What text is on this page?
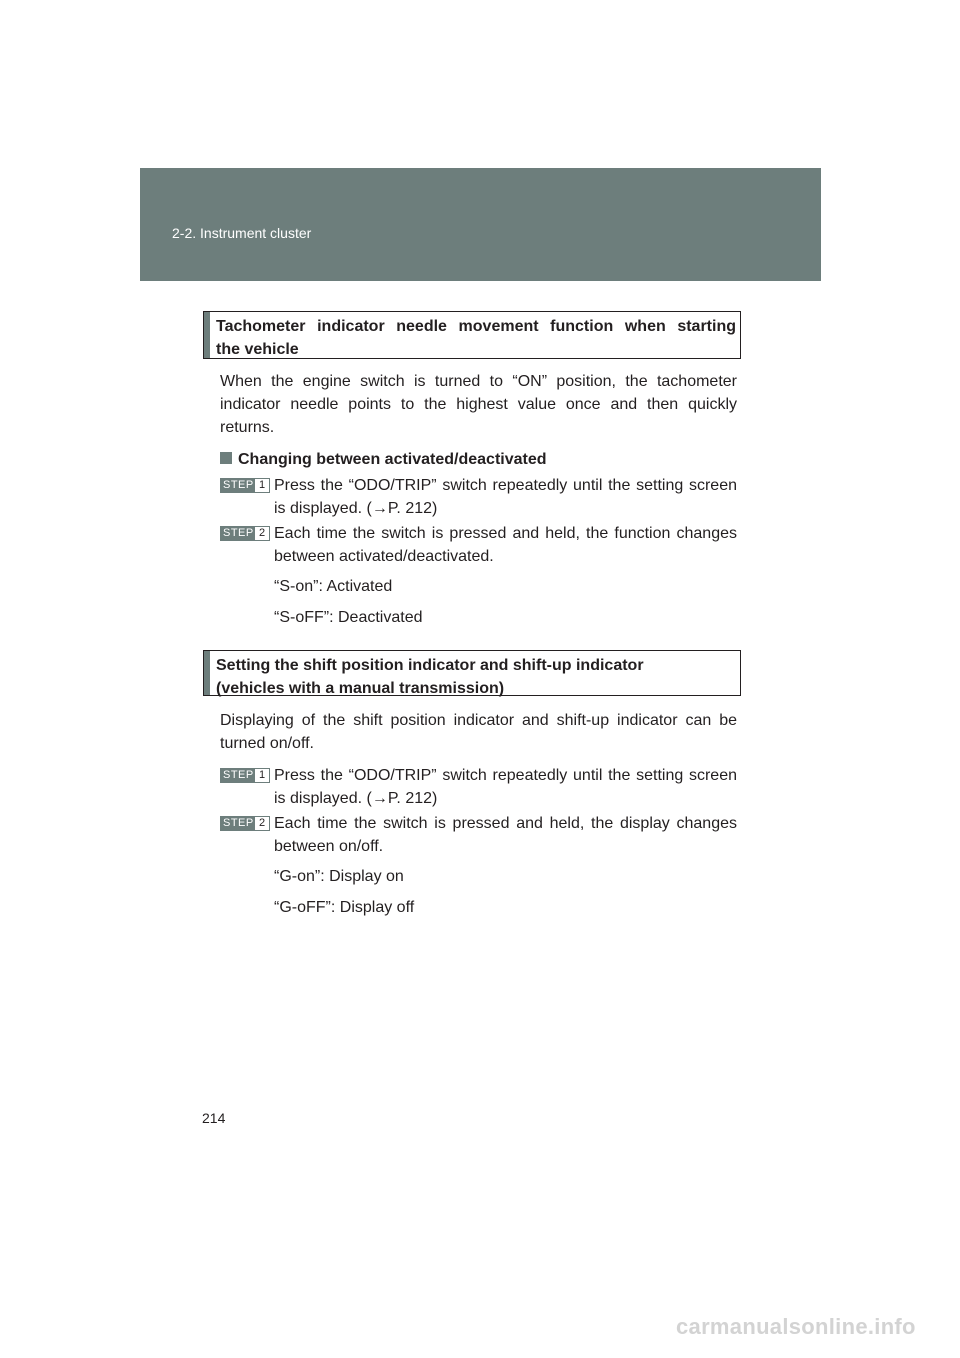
2-2. Instrument cluster
Tachometer indicator needle movement function when starting
the vehicle
When the engine switch is turned to “ON” position, the tachometer indicator needle points to the highest value once and then quickly returns.
Changing between activated/deactivated
STEP 1 Press the “ODO/TRIP” switch repeatedly until the setting screen is displayed. (→P. 212)
STEP 2 Each time the switch is pressed and held, the function changes between activated/deactivated.
“S-on”: Activated
“S-oFF”: Deactivated
Setting the shift position indicator and shift-up indicator
(vehicles with a manual transmission)
Displaying of the shift position indicator and shift-up indicator can be turned on/off.
STEP 1 Press the “ODO/TRIP” switch repeatedly until the setting screen is displayed. (→P. 212)
STEP 2 Each time the switch is pressed and held, the display changes between on/off.
“G-on”: Display on
“G-oFF”: Display off
214
carmanualsonline.info
